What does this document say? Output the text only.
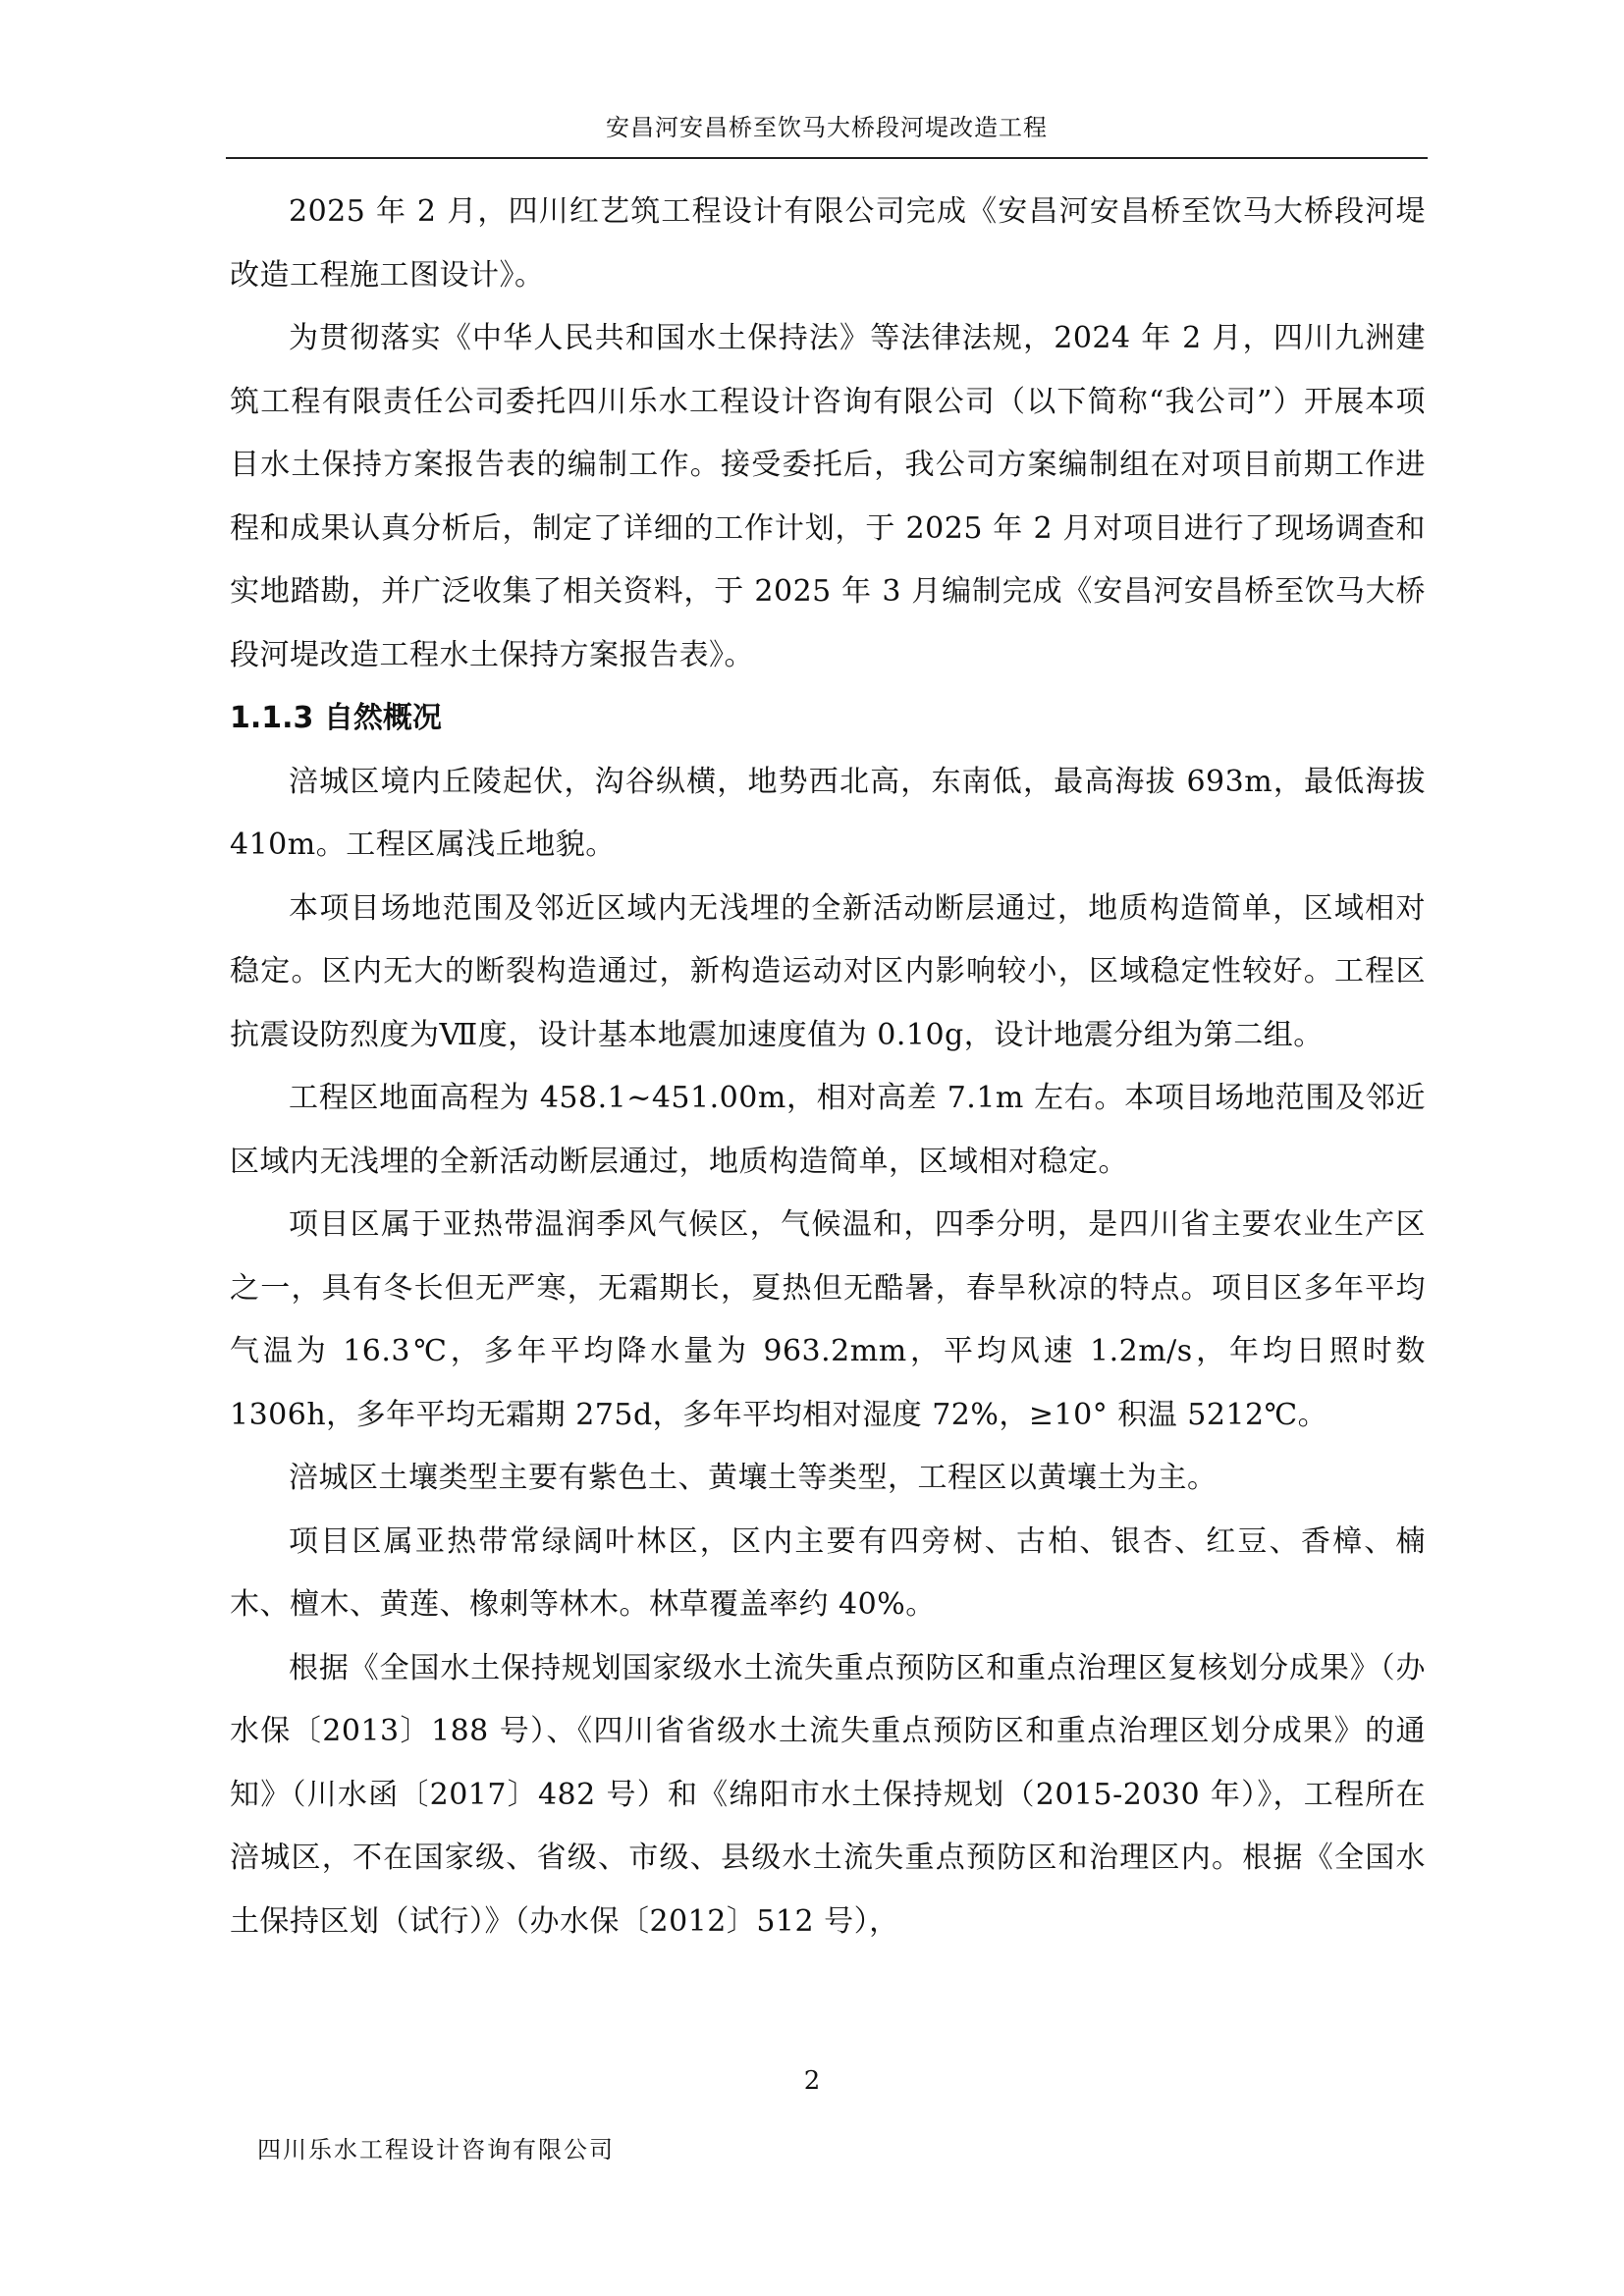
安昌河安昌桥至饮马大桥段河堤改造工程

2025 年 2 月，四川红艺筑工程设计有限公司完成《安昌河安昌桥至饮马大桥段河堤改造工程施工图设计》。

为贯彻落实《中华人民共和国水土保持法》等法律法规，2024 年 2 月，四川九洲建筑工程有限责任公司委托四川乐水工程设计咨询有限公司（以下简称“我公司”）开展本项目水土保持方案报告表的编制工作。接受委托后，我公司方案编制组在对项目前期工作进程和成果认真分析后，制定了详细的工作计划，于 2025 年 2 月对项目进行了现场调查和实地踏勘，并广泛收集了相关资料，于 2025 年 3 月编制完成《安昌河安昌桥至饮马大桥段河堤改造工程水土保持方案报告表》。

1.1.3 自然概况

涪城区境内丘陵起伏，沟谷纵横，地势西北高，东南低，最高海拔 693m，最低海拔 410m。工程区属浅丘地貌。

本项目场地范围及邻近区域内无浅埋的全新活动断层通过，地质构造简单，区域相对稳定。区内无大的断裂构造通过，新构造运动对区内影响较小，区域稳定性较好。工程区抗震设防烈度为Ⅶ度，设计基本地震加速度值为 0.10g，设计地震分组为第二组。

工程区地面高程为 458.1~451.00m，相对高差 7.1m 左右。本项目场地范围及邻近区域内无浅埋的全新活动断层通过，地质构造简单，区域相对稳定。

项目区属于亚热带温润季风气候区，气候温和，四季分明，是四川省主要农业生产区之一，具有冬长但无严寒，无霜期长，夏热但无酷暑，春旱秋凉的特点。项目区多年平均气温为 16.3℃，多年平均降水量为 963.2mm，平均风速 1.2m/s，年均日照时数 1306h，多年平均无霜期 275d，多年平均相对湿度 72%，≥10° 积温 5212℃。

涪城区土壤类型主要有紫色土、黄壤土等类型，工程区以黄壤土为主。

项目区属亚热带常绿阔叶林区，区内主要有四旁树、古柏、银杏、红豆、香樟、楠木、檀木、黄莲、橡刺等林木。林草覆盖率约 40%。

根据《全国水土保持规划国家级水土流失重点预防区和重点治理区复核划分成果》（办水保〔2013〕188 号）、《四川省省级水土流失重点预防区和重点治理区划分成果》的通知》（川水函〔2017〕482 号）和《绵阳市水土保持规划（2015-2030 年）》，工程所在涪城区，不在国家级、省级、市级、县级水土流失重点预防区和治理区内。根据《全国水土保持区划（试行）》（办水保〔2012〕512 号），

2
四川乐水工程设计咨询有限公司
